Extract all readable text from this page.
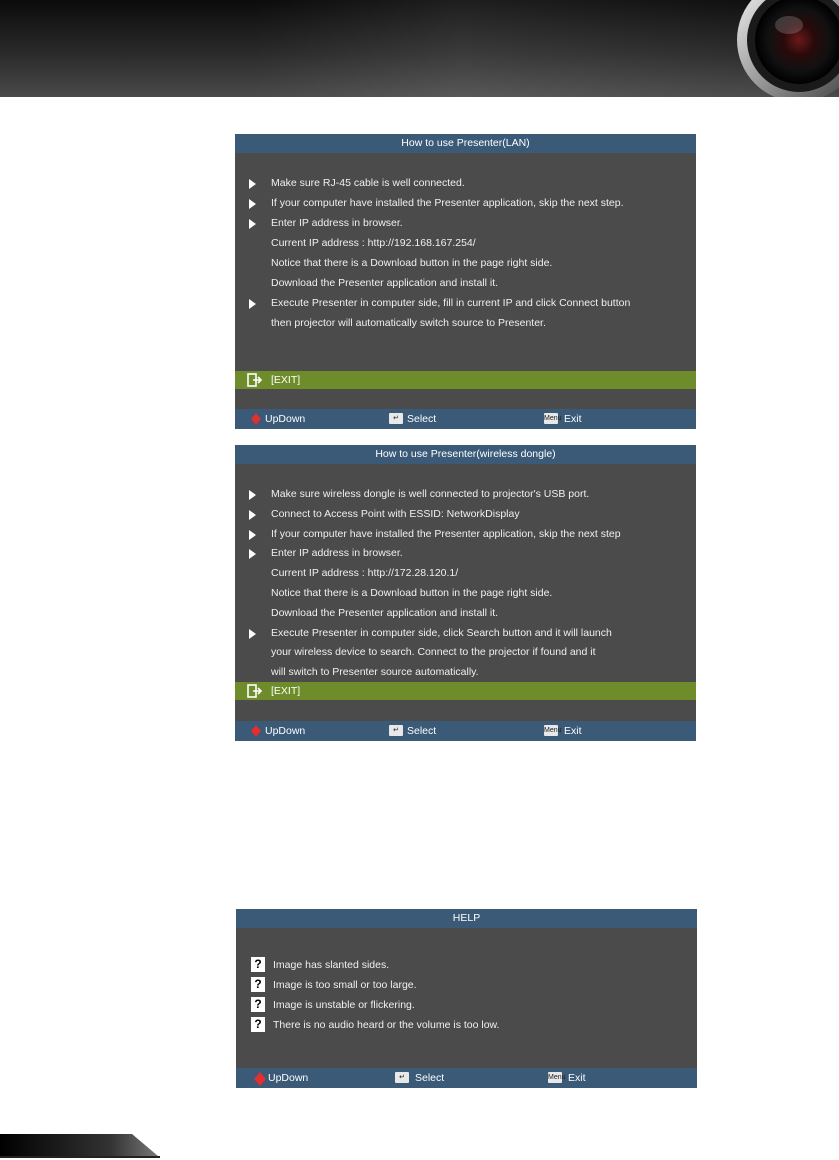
How to use Presenter(LAN)
Make sure RJ-45 cable is well connected.
If your computer have installed the Presenter application, skip the next step.
Enter IP address in browser.
Current IP address : http://192.168.167.254/
Notice that there is a Download button in the page right side.
Download the Presenter application and install it.
Execute Presenter in computer side, fill in current IP and click Connect button
then projector will automatically switch source to Presenter.
[EXIT]
UpDown	↵ Select	Menu Exit
How to use Presenter(wireless dongle)
Make sure wireless dongle is well connected to projector's USB port.
Connect to Access Point with ESSID: NetworkDisplay
If your computer have installed the Presenter application, skip the next step
Enter IP address in browser.
Current IP address : http://172.28.120.1/
Notice that there is a Download button in the page right side.
Download the Presenter application and install it.
Execute Presenter in computer side, click Search button and it will launch
your wireless device to search. Connect to the projector if found and it
will switch to Presenter source automatically.
[EXIT]
UpDown	↵ Select	Menu Exit
HELP
?	Image has slanted sides.
?	Image is too small or too large.
?	Image is unstable or flickering.
?	There is no audio heard or the volume is too low.
UpDown	↵ Select	Menu Exit
